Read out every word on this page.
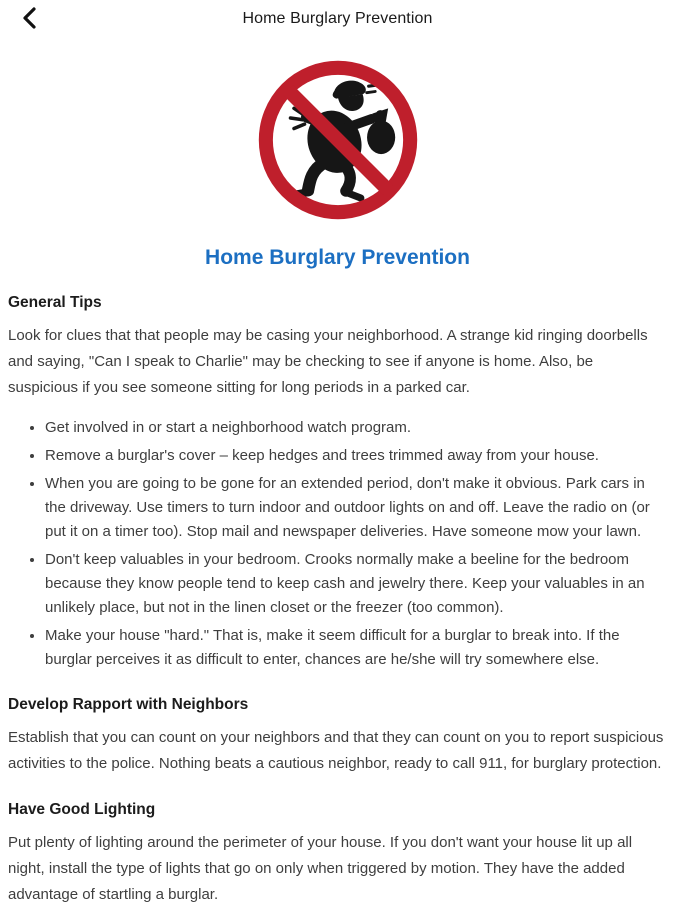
Home Burglary Prevention
Home Burglary Prevention
General Tips

Look for clues that that people may be casing your neighborhood. A strange kid ringing doorbells and saying, "Can I speak to Charlie" may be checking to see if anyone is home. Also, be suspicious if you see someone sitting for long periods in a parked car.

• Get involved in or start a neighborhood watch program.
• Remove a burglar's cover – keep hedges and trees trimmed away from your house.
• When you are going to be gone for an extended period, don't make it obvious. Park cars in the driveway. Use timers to turn indoor and outdoor lights on and off. Leave the radio on (or put it on a timer too). Stop mail and newspaper deliveries. Have someone mow your lawn.
• Don't keep valuables in your bedroom. Crooks normally make a beeline for the bedroom because they know people tend to keep cash and jewelry there. Keep your valuables in an unlikely place, but not in the linen closet or the freezer (too common).
• Make your house "hard." That is, make it seem difficult for a burglar to break into. If the burglar perceives it as difficult to enter, chances are he/she will try somewhere else.
Develop Rapport with Neighbors

Establish that you can count on your neighbors and that they can count on you to report suspicious activities to the police. Nothing beats a cautious neighbor, ready to call 911, for burglary protection.

Have Good Lighting

Put plenty of lighting around the perimeter of your house. If you don't want your house lit up all night, install the type of lights that go on only when triggered by motion. They have the added advantage of startling a burglar.
